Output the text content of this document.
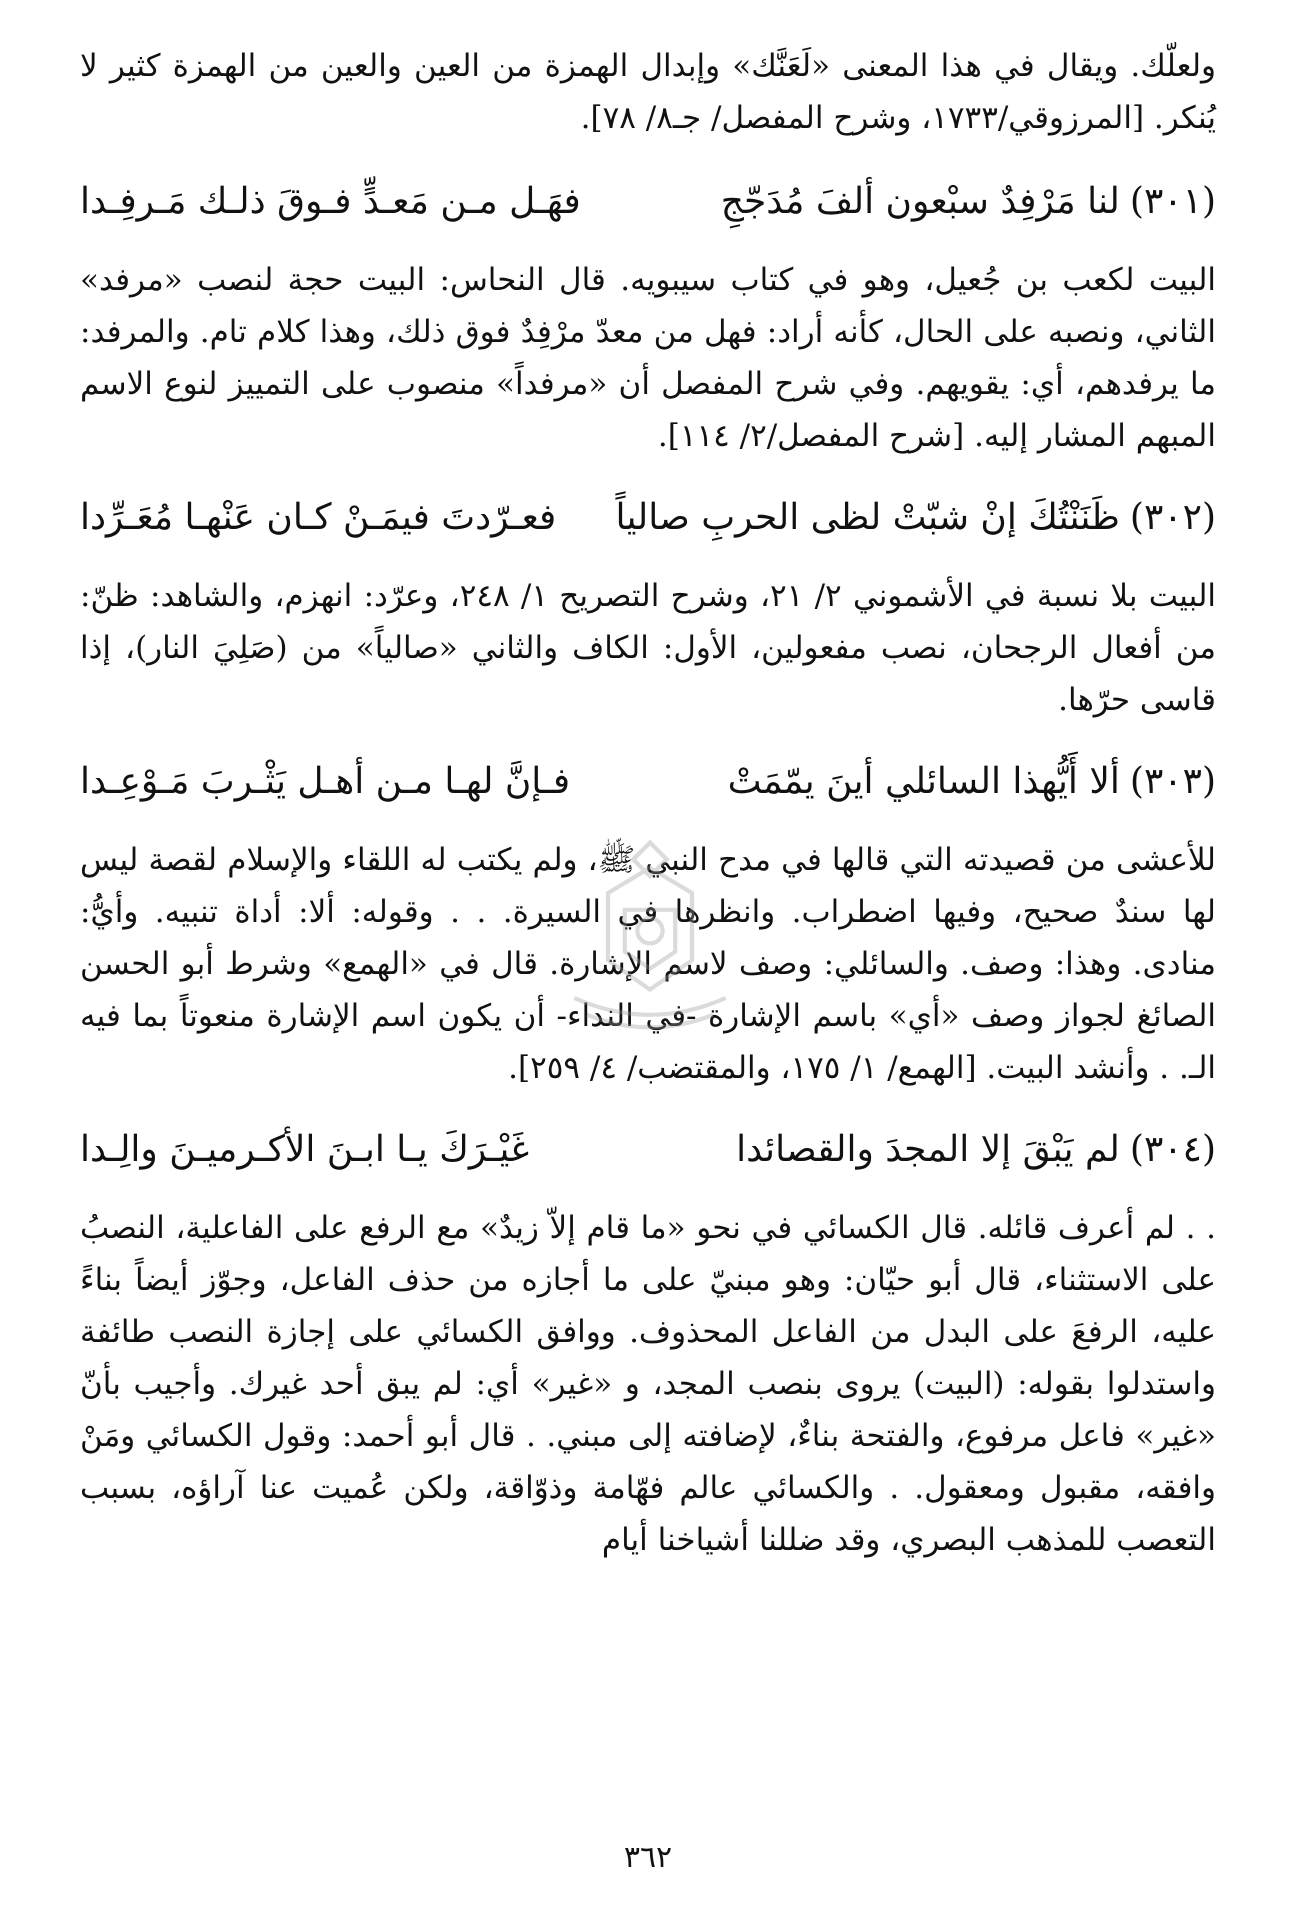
ولعلّك. ويقال في هذا المعنى «لَعَنَّك» وإبدال الهمزة من العين والعين من الهمزة كثير لا يُنكر. [المرزوقي/١٧٣٣، وشرح المفصل/ جـ٨/ ٧٨].

(٣٠١)لنا مَرْفِدٌ سبْعون ألفَ مُدَجّجِ
فهَـل مـن مَعـدٍّ فـوقَ ذلـك مَـرفِـدا

البيت لكعب بن جُعيل، وهو في كتاب سيبويه. قال النحاس: البيت حجة لنصب «مرفد» الثاني، ونصبه على الحال، كأنه أراد: فهل من معدّ مرْفِدٌ فوق ذلك، وهذا كلام تام. والمرفد: ما يرفدهم، أي: يقويهم. وفي شرح المفصل أن «مرفداً» منصوب على التمييز لنوع الاسم المبهم المشار إليه. [شرح المفصل/٢/ ١١٤].

(٣٠٢)ظَنَنْتُكَ إنْ شبّتْ لظى الحربِ صالياً
فعـرّدتَ فيمَـنْ كـان عَنْهـا مُعَـرِّدا

البيت بلا نسبة في الأشموني ٢/ ٢١، وشرح التصريح ١/ ٢٤٨، وعرّد: انهزم، والشاهد: ظنّ: من أفعال الرجحان، نصب مفعولين، الأول: الكاف والثاني «صالياً» من (صَلِيَ النار)، إذا قاسى حرّها.

(٣٠٣)ألا أَيُّهذا السائلي أينَ يمّمَتْ
فـإنَّ لهـا مـن أهـل يَثْـربَ مَـوْعِـدا

للأعشى من قصيدته التي قالها في مدح النبي ﷺ، ولم يكتب له اللقاء والإسلام لقصة ليس لها سندٌ صحيح، وفيها اضطراب. وانظرها في السيرة. . . وقوله: ألا: أداة تنبيه. وأيُّ: منادى. وهذا: وصف. والسائلي: وصف لاسم الإشارة. قال في «الهمع» وشرط أبو الحسن الصائغ لجواز وصف «أي» باسم الإشارة -في النداء- أن يكون اسم الإشارة منعوتاً بما فيه الـ. . وأنشد البيت. [الهمع/ ١/ ١٧٥، والمقتضب/ ٤/ ٢٥٩].

(٣٠٤)لم يَبْقَ إلا المجدَ والقصائدا
غَيْـرَكَ يـا ابـنَ الأكـرميـنَ والِـدا

. . لم أعرف قائله. قال الكسائي في نحو «ما قام إلاّ زيدٌ» مع الرفع على الفاعلية، النصبُ على الاستثناء، قال أبو حيّان: وهو مبنيّ على ما أجازه من حذف الفاعل، وجوّز أيضاً بناءً عليه، الرفعَ على البدل من الفاعل المحذوف. ووافق الكسائي على إجازة النصب طائفة واستدلوا بقوله: (البيت) يروى بنصب المجد، و «غير» أي: لم يبق أحد غيرك. وأجيب بأنّ «غير» فاعل مرفوع، والفتحة بناءٌ، لإضافته إلى مبني. . قال أبو أحمد: وقول الكسائي ومَنْ وافقه، مقبول ومعقول. . والكسائي عالم فهّامة وذوّاقة، ولكن عُميت عنا آراؤه، بسبب التعصب للمذهب البصري، وقد ضللنا أشياخنا أيام

٣٦٢
